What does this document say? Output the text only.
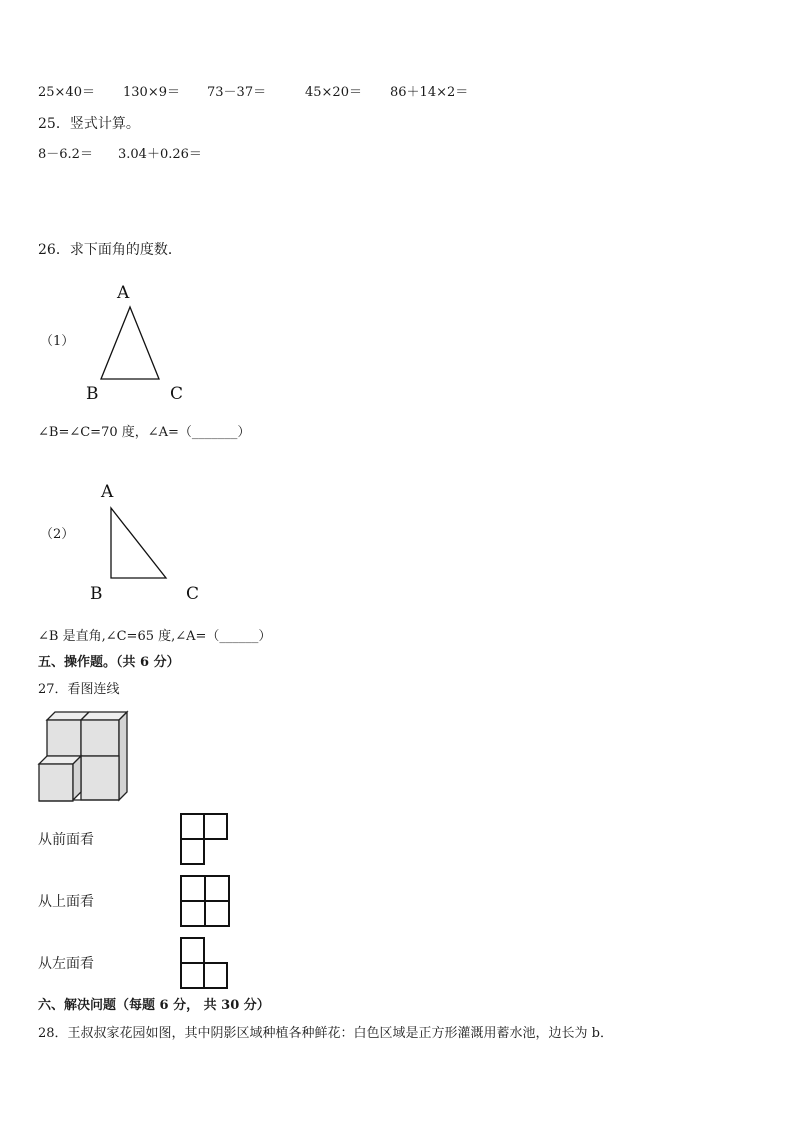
25×40＝ 130×9＝ 73－37＝	45×20＝ 86＋14×2＝
25．竖式计算。
8－6.2＝ 3.04＋0.26＝
26．求下面角的度数．
（1）
A
B	C
A
B	C
∠B=∠C=70 度，∠A=（_______）
（2）
∠B 是直角,∠C=65 度,∠A=（______）
五、操作题。（共 6 分）
27．看图连线
从前面看
从上面看
从左面看
六、解决问题（每题 6 分， 共 30 分）
28．王叔叔家花园如图，其中阴影区域种植各种鲜花：白色区域是正方形灌溉用蓄水池，边长为 b．
